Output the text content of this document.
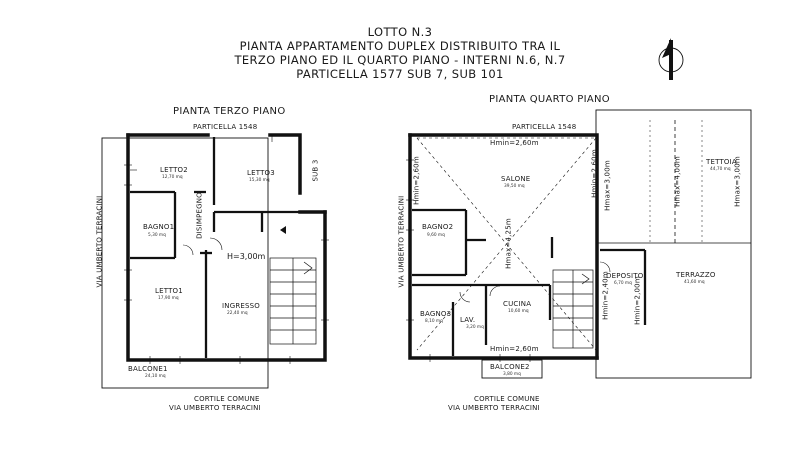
LOTTO N.3
PIANTA APPARTAMENTO DUPLEX DISTRIBUITO TRA IL
TERZO PIANO ED IL QUARTO PIANO - INTERNI N.6, N.7
PARTICELLA 1577 SUB 7, SUB 101
PIANTA TERZO PIANO
PARTICELLA 1548
VIA UMBERTO TERRACINI
SUB 3
LETTO2
12,70 mq
LETTO3
15,30 mq
BAGNO1
5,30 mq	DISIMPEGNO
H=3,00m
LETTO1
17,90 mq
INGRESSO
22,40 mq
BALCONE1
24,10 mq
CORTILE COMUNE
VIA UMBERTO TERRACINI
PIANTA QUARTO PIANO
PARTICELLA 1548
VIA UMBERTO TERRACINI
Hmin=2,60m
Hmin=2,60m	Hmin=2,60m Hmax=3,00m
Hmax=4,25m
Hmin=2,60m
SALONE
39,50 mq
BAGNO2
9,60 mq
BAGNO3
8,10 mq LAV.
3,20 mq
CUCINA
10,60 mq
TETTOIA
44,70 mq
Hmax=4,00m	Hmax=3,00m
DEPOSITO
6,70 mq
Hmin=2,40m	Hmin=2,00m
TERRAZZO
41,60 mq
BALCONE2
3,80 mq
CORTILE COMUNE
VIA UMBERTO TERRACINI
